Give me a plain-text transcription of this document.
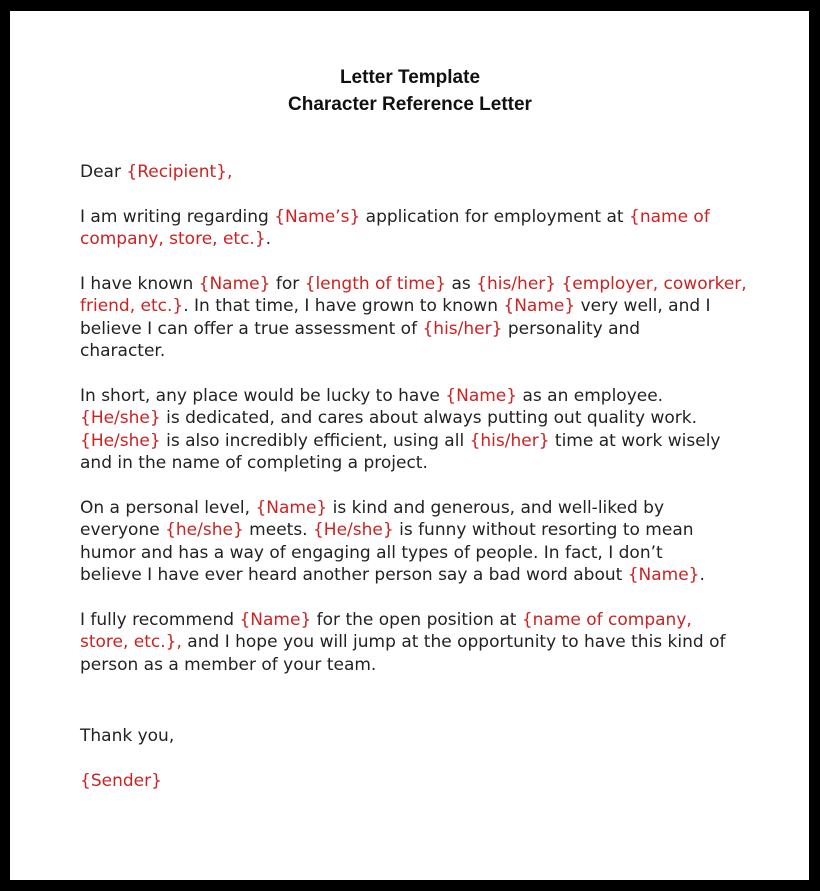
Letter Template
Character Reference Letter

Dear {Recipient},

I am writing regarding {Name’s} application for employment at {name of
company, store, etc.}.

I have known {Name} for {length of time} as {his/her} {employer, coworker,
friend, etc.}. In that time, I have grown to known {Name} very well, and I
believe I can offer a true assessment of {his/her} personality and
character.

In short, any place would be lucky to have {Name} as an employee.
{He/she} is dedicated, and cares about always putting out quality work.
{He/she} is also incredibly efficient, using all {his/her} time at work wisely
and in the name of completing a project.

On a personal level, {Name} is kind and generous, and well-liked by
everyone {he/she} meets. {He/she} is funny without resorting to mean
humor and has a way of engaging all types of people. In fact, I don’t
believe I have ever heard another person say a bad word about {Name}.

I fully recommend {Name} for the open position at {name of company,
store, etc.}, and I hope you will jump at the opportunity to have this kind of
person as a member of your team.

Thank you,
{Sender}
